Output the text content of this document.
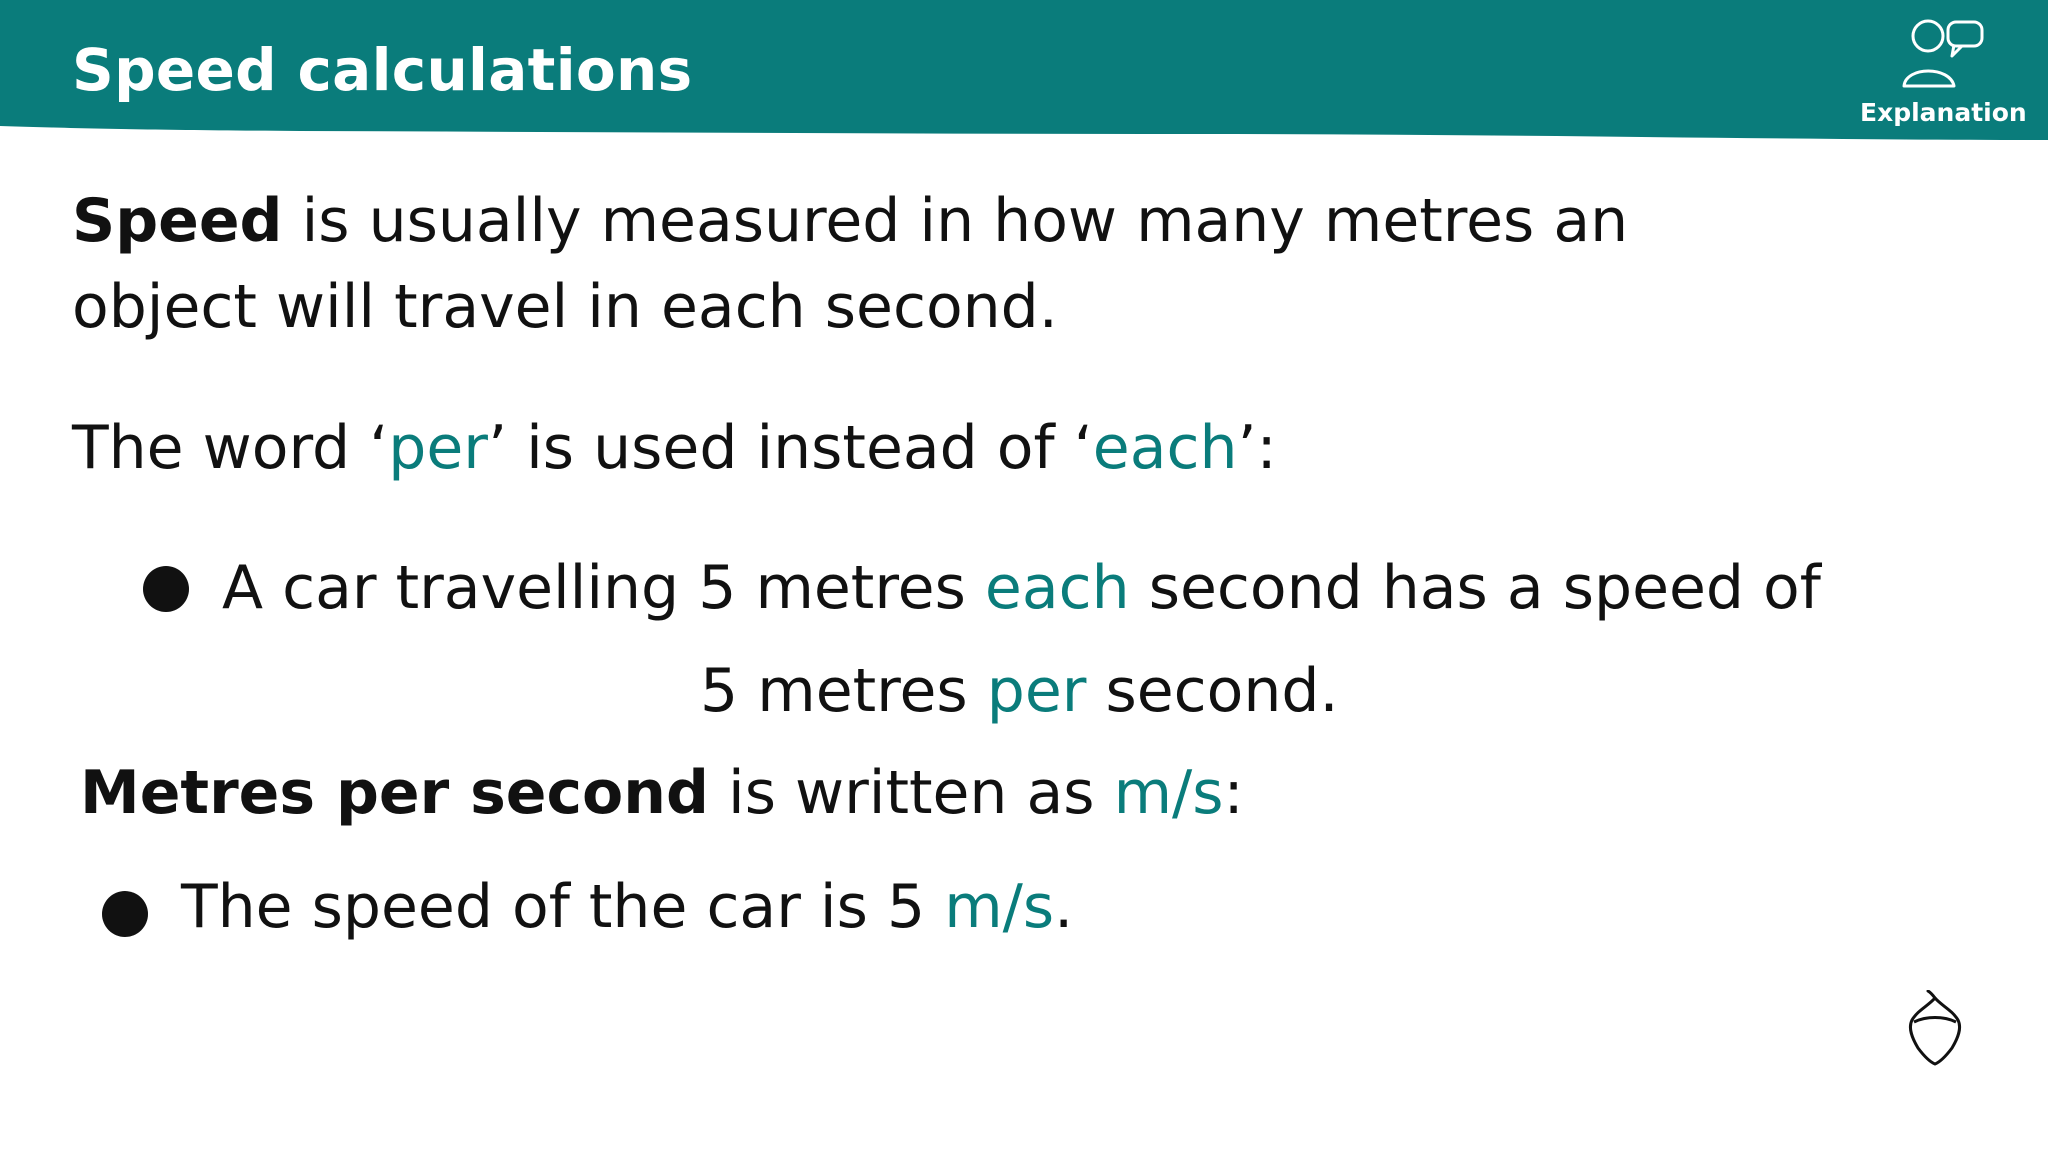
Speed calculations
Explanation
Speed is usually measured in how many metres an
object will travel in each second.
The word ‘per’ is used instead of ‘each’:
A car travelling 5 metres each second has a speed of
5 metres per second.
Metres per second is written as m/s:
The speed of the car is 5 m/s.
